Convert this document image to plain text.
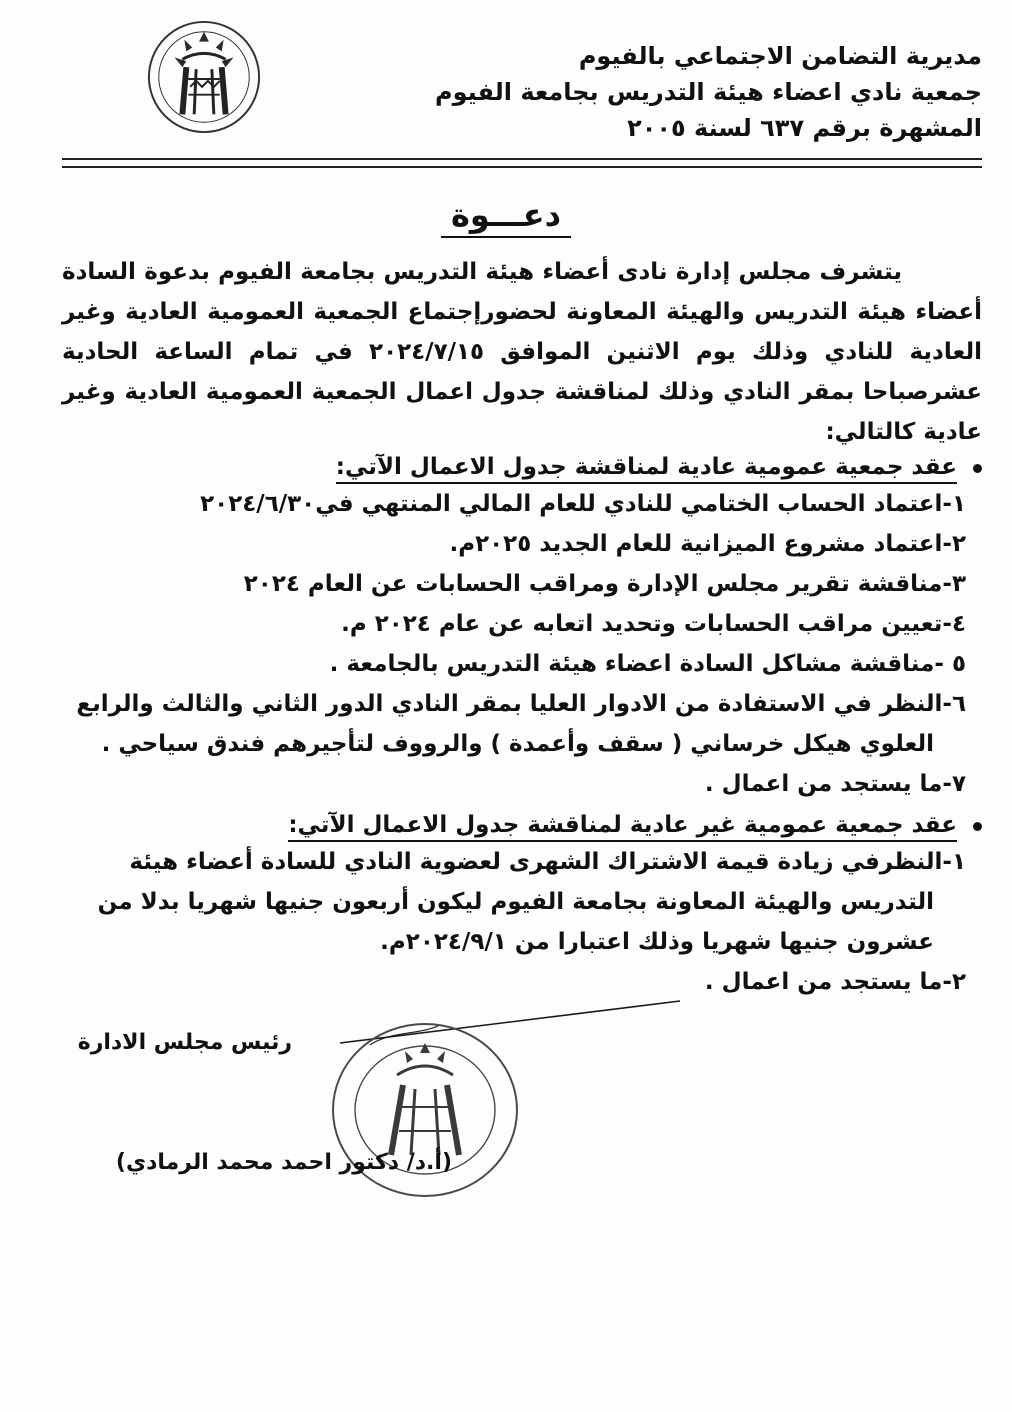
مديرية التضامن الاجتماعي بالفيوم
جمعية نادي اعضاء هيئة التدريس بجامعة الفيوم
المشهرة برقم ٦٣٧ لسنة ٢٠٠٥
دعـــوة

يتشرف مجلس إدارة نادى أعضاء هيئة التدريس بجامعة الفيوم بدعوة السادة أعضاء هيئة التدريس والهيئة المعاونة لحضورإجتماع الجمعية العمومية العادية وغير العادية للنادي وذلك يوم الاثنين الموافق ٢٠٢٤/٧/١٥ في تمام الساعة الحادية عشرصباحا بمقر النادي وذلك لمناقشة جدول اعمال الجمعية العمومية العادية وغير عادية كالتالي:

عقد جمعية عمومية عادية لمناقشة جدول الاعمال الآتي:
١-اعتماد الحساب الختامي للنادي للعام المالي المنتهي في٢٠٢٤/٦/٣٠
٢-اعتماد مشروع الميزانية للعام الجديد ٢٠٢٥م.
٣-مناقشة تقرير مجلس الإدارة ومراقب الحسابات عن العام ٢٠٢٤
٤-تعيين مراقب الحسابات وتحديد اتعابه عن عام ٢٠٢٤ م.
٥ -مناقشة مشاكل السادة اعضاء هيئة التدريس بالجامعة .
٦-النظر في الاستفادة من الادوار العليا بمقر النادي الدور الثاني والثالث والرابع
العلوي هيكل خرساني ( سقف وأعمدة ) والرووف لتأجيرهم فندق سياحي .
٧-ما يستجد من اعمال .
عقد جمعية عمومية غير عادية لمناقشة جدول الاعمال الآتي:
١-النظرفي زيادة قيمة الاشتراك الشهرى لعضوية النادي للسادة أعضاء هيئة
التدريس والهيئة المعاونة بجامعة الفيوم ليكون أربعون جنيها شهريا بدلا من عشرون جنيها شهريا وذلك اعتبارا من ٢٠٢٤/٩/١م.
٢-ما يستجد من اعمال .
رئيس مجلس الادارة
(أ.د/ دكتور احمد محمد الرمادي)
